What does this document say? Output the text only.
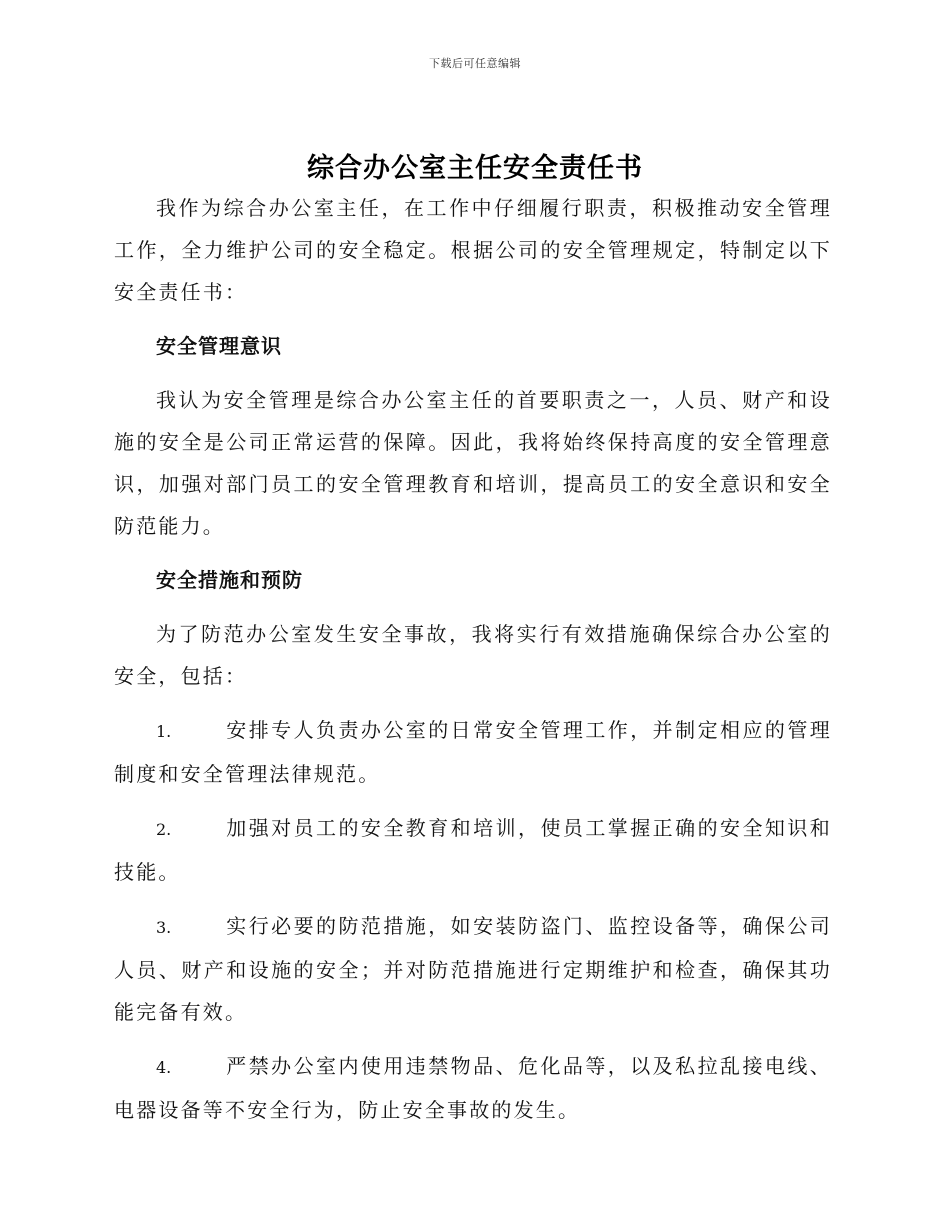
下载后可任意编辑
综合办公室主任安全责任书

我作为综合办公室主任，在工作中仔细履行职责，积极推动安全管理工作，全力维护公司的安全稳定。根据公司的安全管理规定，特制定以下安全责任书：

安全管理意识

我认为安全管理是综合办公室主任的首要职责之一，人员、财产和设施的安全是公司正常运营的保障。因此，我将始终保持高度的安全管理意识，加强对部门员工的安全管理教育和培训，提高员工的安全意识和安全防范能力。

安全措施和预防

为了防范办公室发生安全事故，我将实行有效措施确保综合办公室的安全，包括：

1.	安排专人负责办公室的日常安全管理工作，并制定相应的管理制度和安全管理法律规范。

2.	加强对员工的安全教育和培训，使员工掌握正确的安全知识和技能。

3.	实行必要的防范措施，如安装防盗门、监控设备等，确保公司人员、财产和设施的安全；并对防范措施进行定期维护和检查，确保其功能完备有效。

4.	严禁办公室内使用违禁物品、危化品等，以及私拉乱接电线、电器设备等不安全行为，防止安全事故的发生。
